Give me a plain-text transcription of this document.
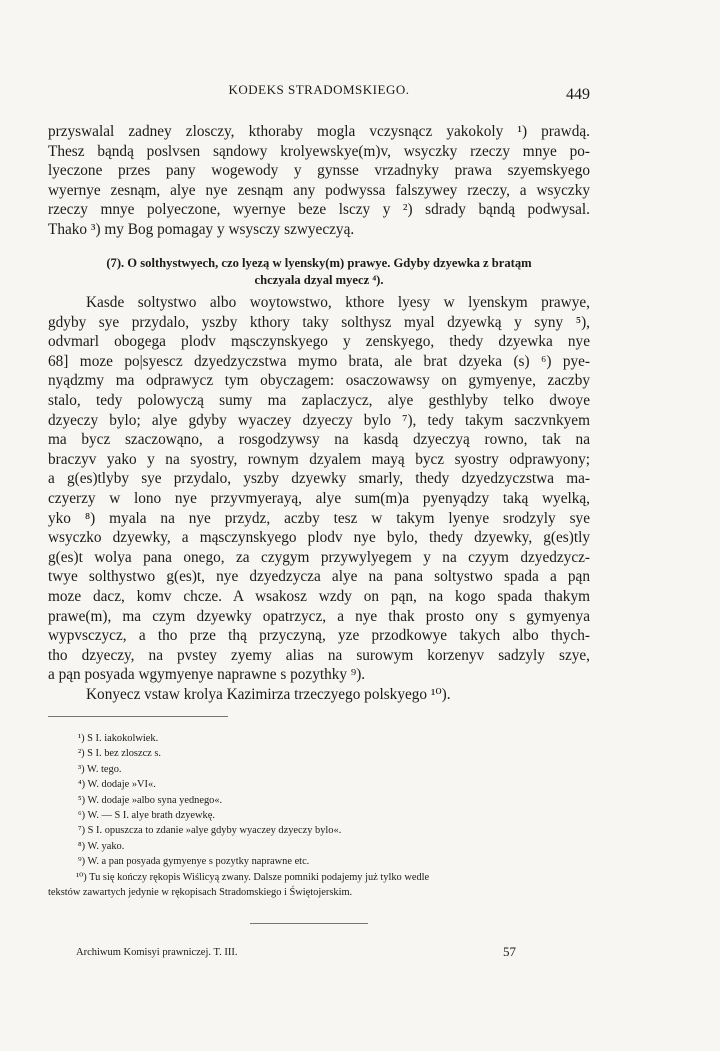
KODEKS STRADOMSKIEGO.	449
przyswalal zadney zlosczy, kthoraby mogla vczysnącz yakokoly ¹) prawdą.
Thesz bąndą poslvsen sąndowy krolyewskye(m)v, wsyczky rzeczy mnye po-
lyeczone przes pany wogewody y gynsse vrzadnyky prawa szyemskyego
wyernye zesnąm, alye nye zesnąm any podwyssa falszywey rzeczy, a wsyczky
rzeczy mnye polyeczone, wyernye beze lsczy y ²) sdrady bąndą podwysal.
Thako ³) my Bog pomagay y wsysczy szwyeczyą.
(7). O solthystwyech, czo lyezą w lyensky(m) prawye. Gdyby dzyewka z bratąm
chczyala dzyal myecz ⁴).
Kasde soltystwo albo woytowstwo, kthore lyesy w lyenskym prawye,
gdyby sye przydalo, yszby kthory taky solthysz myal dzyewką y syny ⁵),
odvmarl obogega plodv mąsczynskyego y zenskyego, thedy dzyewka nye
68] moze po|syescz dzyedzyczstwa mymo brata, ale brat dzyeka (s) ⁶) pye-
nyądzmy ma odprawycz tym obyczagem: osaczowawsy on gymyenye, zaczby
stalo, tedy polowyczą sumy ma zaplaczycz, alye gesthlyby telko dwoye
dzyeczy bylo; alye gdyby wyaczey dzyeczy bylo ⁷), tedy takym saczvnkyem
ma bycz szaczowąno, a rosgodzywsy na kasdą dzyeczyą rowno, tak na
braczyv yako y na syostry, rownym dzyalem mayą bycz syostry odprawyony;
a g(es)tlyby sye przydalo, yszby dzyewky smarly, thedy dzyedzyczstwa ma-
czyerzy w lono nye przyvmyerayą, alye sum(m)a pyenyądzy taką wyelką,
yko ⁸) myala na nye przydz, aczby tesz w takym lyenye srodzyly sye
wsyczko dzyewky, a mąsczynskyego plodv nye bylo, thedy dzyewky, g(es)tly
g(es)t wolya pana onego, za czygym przywylyegem y na czyym dzyedzycz-
twye solthystwo g(es)t, nye dzyedzycza alye na pana soltystwo spada a pąn
moze dacz, komv chcze. A wsakosz wzdy on pąn, na kogo spada thakym
prawe(m), ma czym dzyewky opatrzycz, a nye thak prosto ony s gymyenya
wypvsczycz, a tho prze thą przyczyną, yze przodkowye takych albo thych-
tho dzyeczy, na pvstey zyemy alias na surowym korzenyv sadzyly szye,
a pąn posyada wgymyenye naprawne s pozythky ⁹).
Konyecz vstaw krolya Kazimirza trzeczyego polskyego ¹⁰).
¹) S I. iakokolwiek.
²) S I. bez zloszcz s.
³) W. tego.
⁴) W. dodaje »VI«.
⁵) W. dodaje »albo syna yednego«.
⁶) W. — S I. alye brath dzyewkę.
⁷) S I. opuszcza to zdanie »alye gdyby wyaczey dzyeczy bylo«.
⁸) W. yako.
⁹) W. a pan posyada gymyenye s pozytky naprawne etc.
¹⁰) Tu się kończy rękopis Wiślicyą zwany. Dalsze pomniki podajemy już tylko wedle
tekstów zawartych jedynie w rękopisach Stradomskiego i Świętojerskim.
Archiwum Komisyi prawniczej. T. III.	57
